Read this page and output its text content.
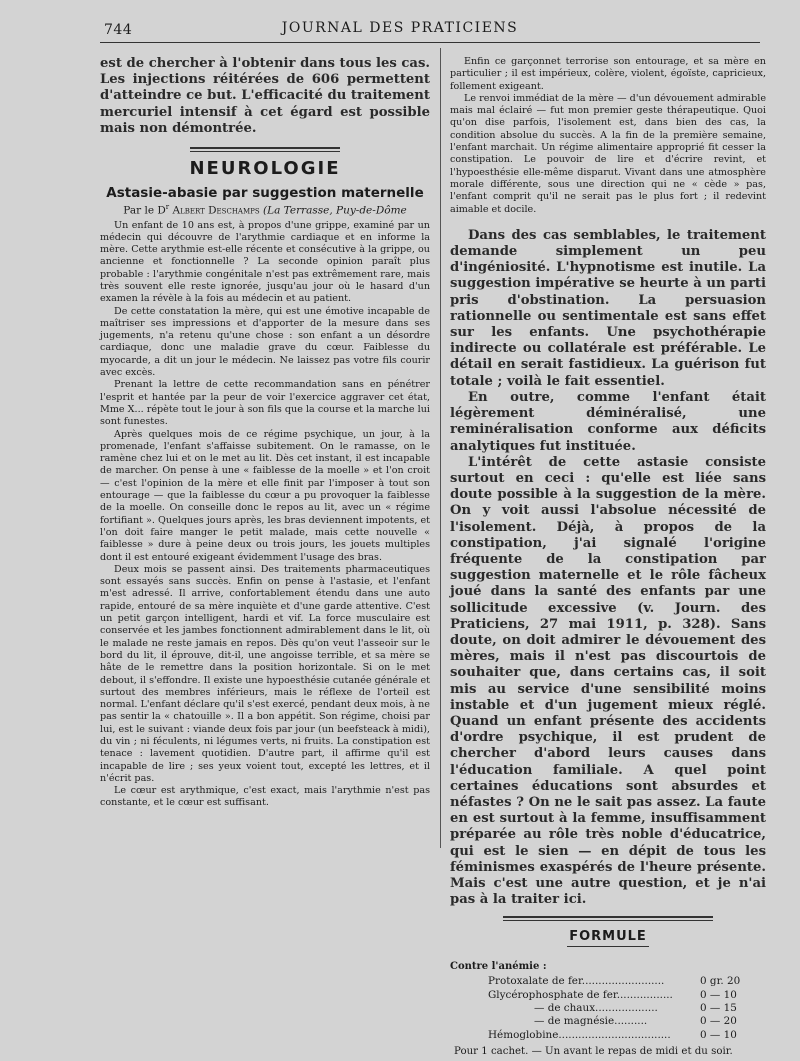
744	JOURNAL DES PRATICIENS

est de chercher à l'obtenir dans tous les cas. Les injections réitérées de 606 permettent d'atteindre ce but. L'efficacité du traitement mercuriel intensif à cet égard est possible mais non démontrée.

NEUROLOGIE
Astasie-abasie par suggestion maternelle
Par le $D^r$ Albert Deschamps (La Terrasse, Puy-de-Dôme

Un enfant de 10 ans est, à propos d'une grippe, examiné par un médecin qui découvre de l'arythmie cardiaque et en informe la mère. Cette arythmie est-elle récente et consécutive à la grippe, ou ancienne et fonctionnelle ? La seconde opinion paraît plus probable : l'arythmie congénitale n'est pas extrêmement rare, mais très souvent elle reste ignorée, jusqu'au jour où le hasard d'un examen la révèle à la fois au médecin et au patient.

De cette constatation la mère, qui est une émotive incapable de maîtriser ses impressions et d'apporter de la mesure dans ses jugements, n'a retenu qu'une chose : son enfant a un désordre cardiaque, donc une maladie grave du cœur. Faiblesse du myocarde, a dit un jour le médecin. Ne laissez pas votre fils courir avec excès.

Prenant la lettre de cette recommandation sans en pénétrer l'esprit et hantée par la peur de voir l'exercice aggraver cet état, Mme X... répète tout le jour à son fils que la course et la marche lui sont funestes.

Après quelques mois de ce régime psychique, un jour, à la promenade, l'enfant s'affaisse subitement. On le ramasse, on le ramène chez lui et on le met au lit. Dès cet instant, il est incapable de marcher. On pense à une « faiblesse de la moelle » et l'on croit — c'est l'opinion de la mère et elle finit par l'imposer à tout son entourage — que la faiblesse du cœur a pu provoquer la faiblesse de la moelle. On conseille donc le repos au lit, avec un « régime fortifiant ». Quelques jours après, les bras deviennent impotents, et l'on doit faire manger le petit malade, mais cette nouvelle « faiblesse » dure à peine deux ou trois jours, les jouets multiples dont il est entouré exigeant évidemment l'usage des bras.

Deux mois se passent ainsi. Des traitements pharmaceutiques sont essayés sans succès. Enfin on pense à l'astasie, et l'enfant m'est adressé. Il arrive, confortablement étendu dans une auto rapide, entouré de sa mère inquiète et d'une garde attentive. C'est un petit garçon intelligent, hardi et vif. La force musculaire est conservée et les jambes fonctionnent admirablement dans le lit, où le malade ne reste jamais en repos. Dès qu'on veut l'asseoir sur le bord du lit, il éprouve, dit-il, une angoisse terrible, et sa mère se hâte de le remettre dans la position horizontale. Si on le met debout, il s'effondre. Il existe une hypoesthésie cutanée générale et surtout des membres inférieurs, mais le réflexe de l'orteil est normal. L'enfant déclare qu'il s'est exercé, pendant deux mois, à ne pas sentir la « chatouille ». Il a bon appétit. Son régime, choisi par lui, est le suivant : viande deux fois par jour (un beefsteack à midi), du vin ; ni féculents, ni légumes verts, ni fruits. La constipation est tenace : lavement quotidien. D'autre part, il affirme qu'il est incapable de lire ; ses yeux voient tout, excepté les lettres, et il n'écrit pas.

Le cœur est arythmique, c'est exact, mais l'arythmie n'est pas constante, et le cœur est suffisant.

Enfin ce garçonnet terrorise son entourage, et sa mère en particulier ; il est impérieux, colère, violent, égoïste, capricieux, follement exigeant.

Le renvoi immédiat de la mère — d'un dévouement admirable mais mal éclairé — fut mon premier geste thérapeutique. Quoi qu'on dise parfois, l'isolement est, dans bien des cas, la condition absolue du succès. A la fin de la première semaine, l'enfant marchait. Un régime alimentaire approprié fit cesser la constipation. Le pouvoir de lire et d'écrire revint, et l'hypoesthésie elle-même disparut. Vivant dans une atmosphère morale différente, sous une direction qui ne « cède » pas, l'enfant comprit qu'il ne serait pas le plus fort ; il redevint aimable et docile.

Dans des cas semblables, le traitement demande simplement un peu d'ingéniosité. L'hypnotisme est inutile. La suggestion impérative se heurte à un parti pris d'obstination. La persuasion rationnelle ou sentimentale est sans effet sur les enfants. Une psychothérapie indirecte ou collatérale est préférable. Le détail en serait fastidieux. La guérison fut totale ; voilà le fait essentiel.

En outre, comme l'enfant était légèrement déminéralisé, une reminéralisation conforme aux déficits analytiques fut instituée.

L'intérêt de cette astasie consiste surtout en ceci : qu'elle est liée sans doute possible à la suggestion de la mère. On y voit aussi l'absolue nécessité de l'isolement. Déjà, à propos de la constipation, j'ai signalé l'origine fréquente de la constipation par suggestion maternelle et le rôle fâcheux joué dans la santé des enfants par une sollicitude excessive (v. Journ. des Praticiens, 27 mai 1911, p. 328). Sans doute, on doit admirer le dévouement des mères, mais il n'est pas discourtois de souhaiter que, dans certains cas, il soit mis au service d'une sensibilité moins instable et d'un jugement mieux réglé. Quand un enfant présente des accidents d'ordre psychique, il est prudent de chercher d'abord leurs causes dans l'éducation familiale. A quel point certaines éducations sont absurdes et néfastes ? On ne le sait pas assez. La faute en est surtout à la femme, insuffisamment préparée au rôle très noble d'éducatrice, qui est le sien — en dépit de tous les féminismes exaspérés de l'heure présente. Mais c'est une autre question, et je n'ai pas à la traiter ici.

FORMULE
Contre l'anémie :
Protoxalate de fer.........................	0 gr. 20
Glycérophosphate de fer.................	0 — 10
— de chaux...................	0 — 15
— de magnésie..........	0 — 20
Hémoglobine..................................	0 — 10
Pour 1 cachet. — Un avant le repas de midi et du soir.
